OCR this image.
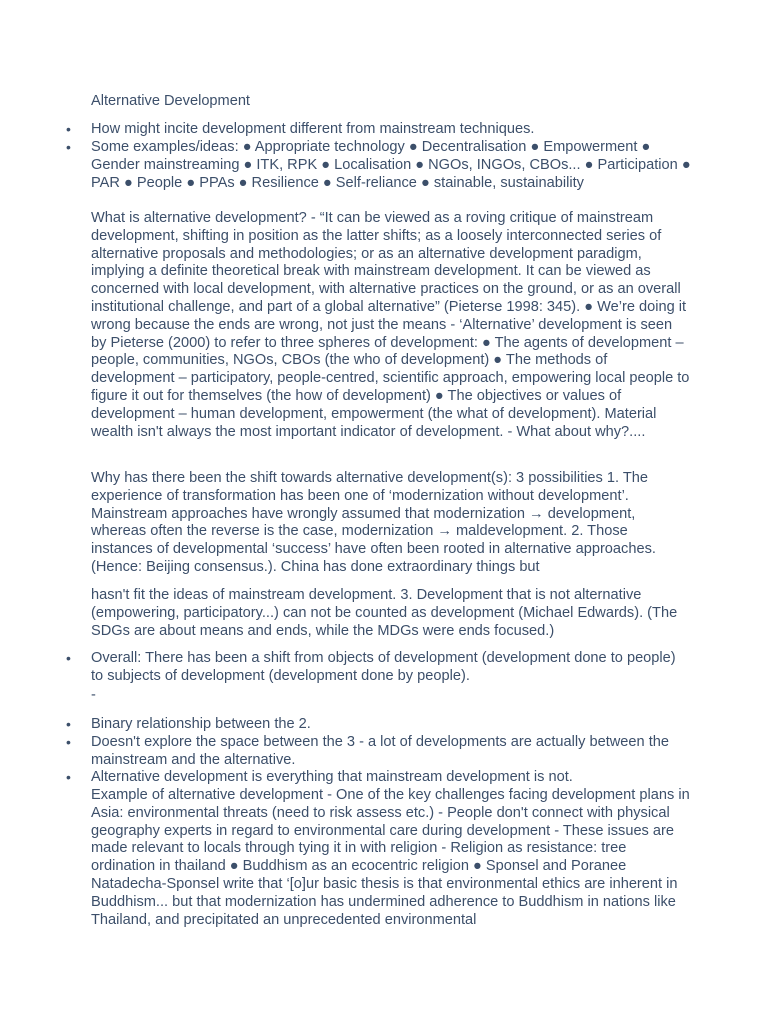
Alternative Development

• How might incite development different from mainstream techniques.

• Some examples/ideas: ● Appropriate technology ● Decentralisation ● Empowerment ● Gender mainstreaming ● ITK, RPK ● Localisation ● NGOs, INGOs, CBOs... ● Participation ● PAR ● People ● PPAs ● Resilience ● Self-reliance ● stainable, sustainability

What is alternative development? - “It can be viewed as a roving critique of mainstream development, shifting in position as the latter shifts; as a loosely interconnected series of alternative proposals and methodologies; or as an alternative development paradigm, implying a definite theoretical break with mainstream development. It can be viewed as concerned with local development, with alternative practices on the ground, or as an overall institutional challenge, and part of a global alternative” (Pieterse 1998: 345). ● We’re doing it wrong because the ends are wrong, not just the means - ‘Alternative’ development is seen by Pieterse (2000) to refer to three spheres of development: ● The agents of development – people, communities, NGOs, CBOs (the who of development) ● The methods of development – participatory, people-centred, scientific approach, empowering local people to figure it out for themselves (the how of development) ● The objectives or values of development – human development, empowerment (the what of development). Material wealth isn't always the most important indicator of development. - What about why?....

Why has there been the shift towards alternative development(s): 3 possibilities 1. The experience of transformation has been one of ‘modernization without development’. Mainstream approaches have wrongly assumed that modernization → development, whereas often the reverse is the case, modernization → maldevelopment. 2. Those instances of developmental ‘success’ have often been rooted in alternative approaches. (Hence: Beijing consensus.). China has done extraordinary things but

hasn't fit the ideas of mainstream development. 3. Development that is not alternative (empowering, participatory...) can not be counted as development (Michael Edwards). (The SDGs are about means and ends, while the MDGs were ends focused.)

• Overall: There has been a shift from objects of development (development done to people) to subjects of development (development done by people).

-

• Binary relationship between the 2.

• Doesn't explore the space between the 3 - a lot of developments are actually between the mainstream and the alternative.

• Alternative development is everything that mainstream development is not.

Example of alternative development - One of the key challenges facing development plans in Asia: environmental threats (need to risk assess etc.) - People don't connect with physical geography experts in regard to environmental care during development - These issues are made relevant to locals through tying it in with religion - Religion as resistance: tree ordination in thailand ● Buddhism as an ecocentric religion ● Sponsel and Poranee Natadecha-Sponsel write that ‘[o]ur basic thesis is that environmental ethics are inherent in Buddhism... but that modernization has undermined adherence to Buddhism in nations like Thailand, and precipitated an unprecedented environmental
